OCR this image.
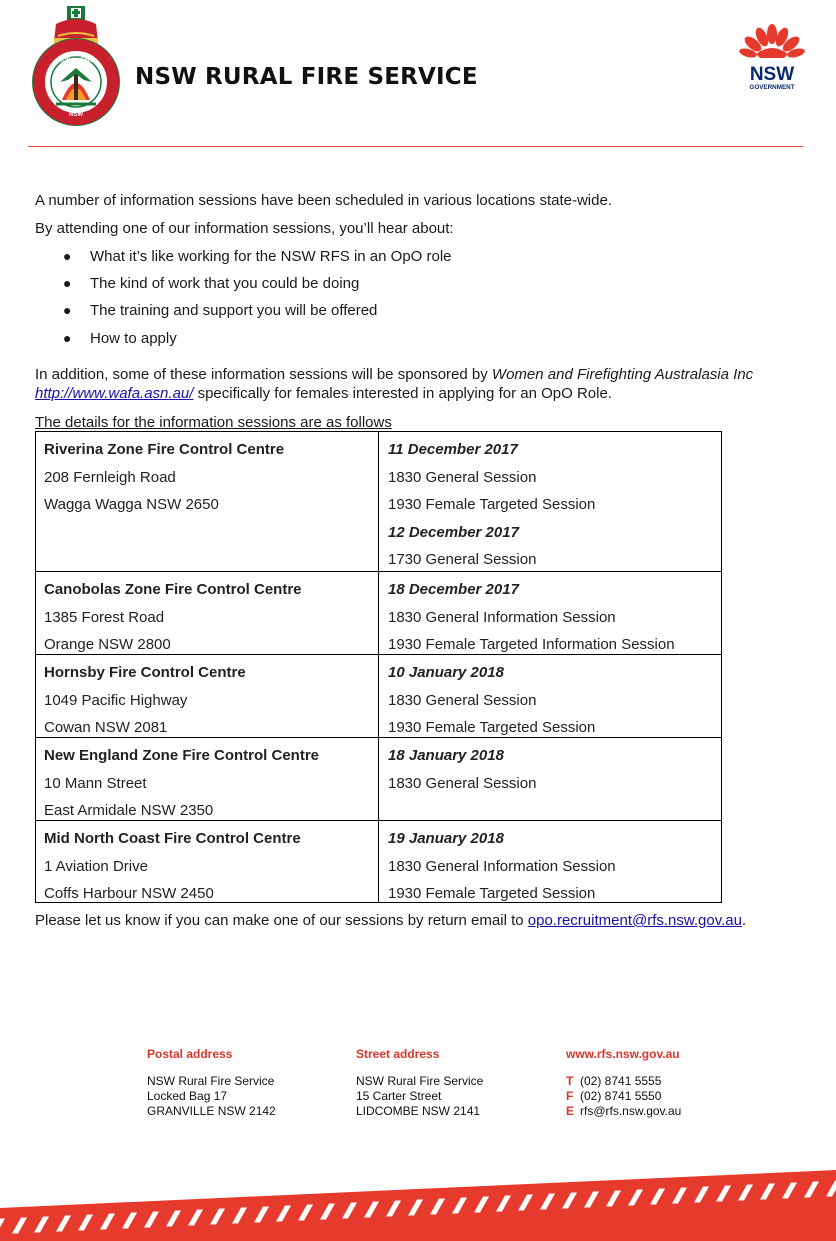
RURAL FIRE
NSW
NSW RURAL FIRE SERVICE	NSW
GOVERNMENT
A number of information sessions have been scheduled in various locations state-wide.
By attending one of our information sessions, you’ll hear about:
● What it’s like working for the NSW RFS in an OpO role
● The kind of work that you could be doing
● The training and support you will be offered
● How to apply
In addition, some of these information sessions will be sponsored by Women and Firefighting Australasia Inc
http://www.wafa.asn.au/ specifically for females interested in applying for an OpO Role.
The details for the information sessions are as follows
Riverina Zone Fire Control Centre
208 Fernleigh Road
Wagga Wagga NSW 2650
11 December 2017
1830 General Session
1930 Female Targeted Session
12 December 2017
1730 General Session
Canobolas Zone Fire Control Centre
1385 Forest Road
Orange NSW 2800
18 December 2017
1830 General Information Session
1930 Female Targeted Information Session
Hornsby Fire Control Centre
1049 Pacific Highway
Cowan NSW 2081
10 January 2018
1830 General Session
1930 Female Targeted Session
New England Zone Fire Control Centre
10 Mann Street
East Armidale NSW 2350
18 January 2018
1830 General Session
Mid North Coast Fire Control Centre
1 Aviation Drive
Coffs Harbour NSW 2450
19 January 2018
1830 General Information Session
1930 Female Targeted Session
Please let us know if you can make one of our sessions by return email to opo.recruitment@rfs.nsw.gov.au.
Postal address
NSW Rural Fire Service
Locked Bag 17
GRANVILLE NSW 2142
Street address
NSW Rural Fire Service
15 Carter Street
LIDCOMBE NSW 2141
www.rfs.nsw.gov.au
T (02) 8741 5555
F (02) 8741 5550
E rfs@rfs.nsw.gov.au
